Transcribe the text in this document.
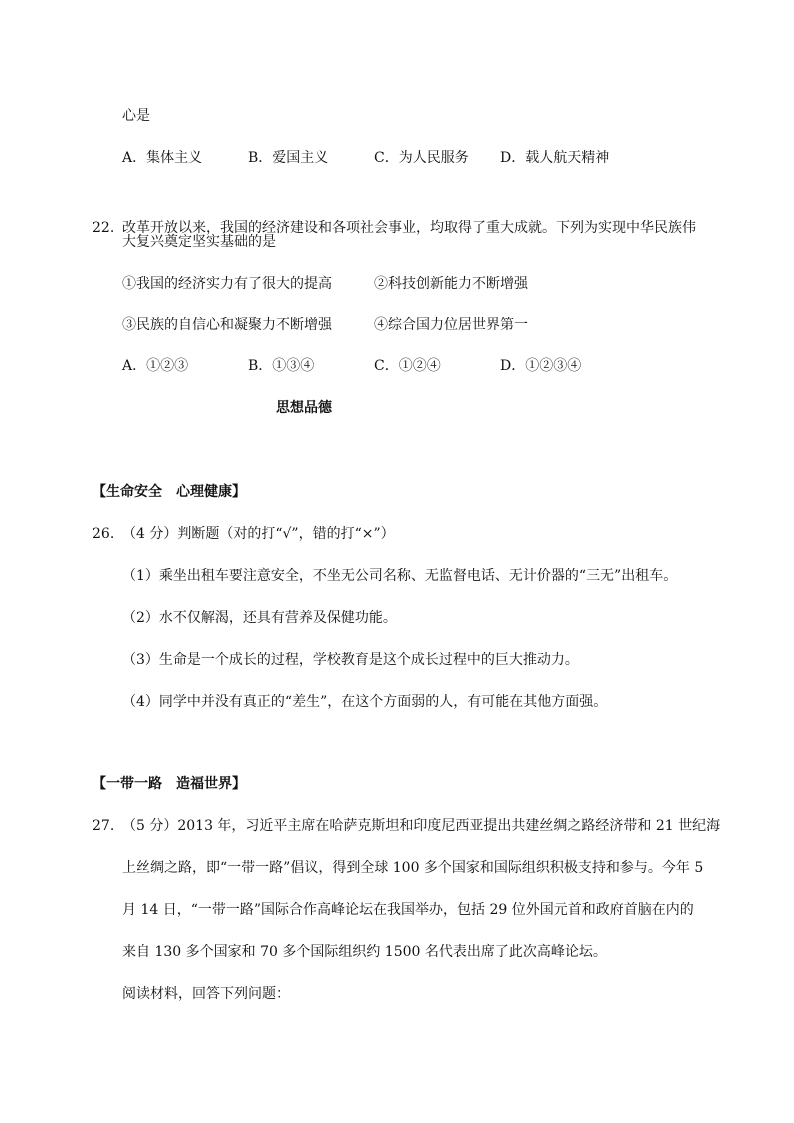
心是
A．集体主义	B．爱国主义	C．为人民服务 D．载人航天精神
22. 改革开放以来，我国的经济建设和各项社会事业，均取得了重大成就。下列为实现中华民族伟
大复兴奠定坚实基础的是
①我国的经济实力有了很大的提高	②科技创新能力不断增强
③民族的自信心和凝聚力不断增强	④综合国力位居世界第一
A．①②③	B．①③④	C．①②④	D．①②③④
思想品德
【生命安全　心理健康】
26. （4 分）判断题（对的打“√”，错的打“×”）
（1）乘坐出租车要注意安全，不坐无公司名称、无监督电话、无计价器的“三无”出租车。
（2）水不仅解渴，还具有营养及保健功能。
（3）生命是一个成长的过程，学校教育是这个成长过程中的巨大推动力。
（4）同学中并没有真正的“差生”，在这个方面弱的人，有可能在其他方面强。
【一带一路　造福世界】
27. （5 分）2013 年，习近平主席在哈萨克斯坦和印度尼西亚提出共建丝绸之路经济带和 21 世纪海
上丝绸之路，即“一带一路”倡议，得到全球 100 多个国家和国际组织积极支持和参与。今年 5
月 14 日，“一带一路”国际合作高峰论坛在我国举办，包括 29 位外国元首和政府首脑在内的
来自 130 多个国家和 70 多个国际组织约 1500 名代表出席了此次高峰论坛。
阅读材料，回答下列问题：
